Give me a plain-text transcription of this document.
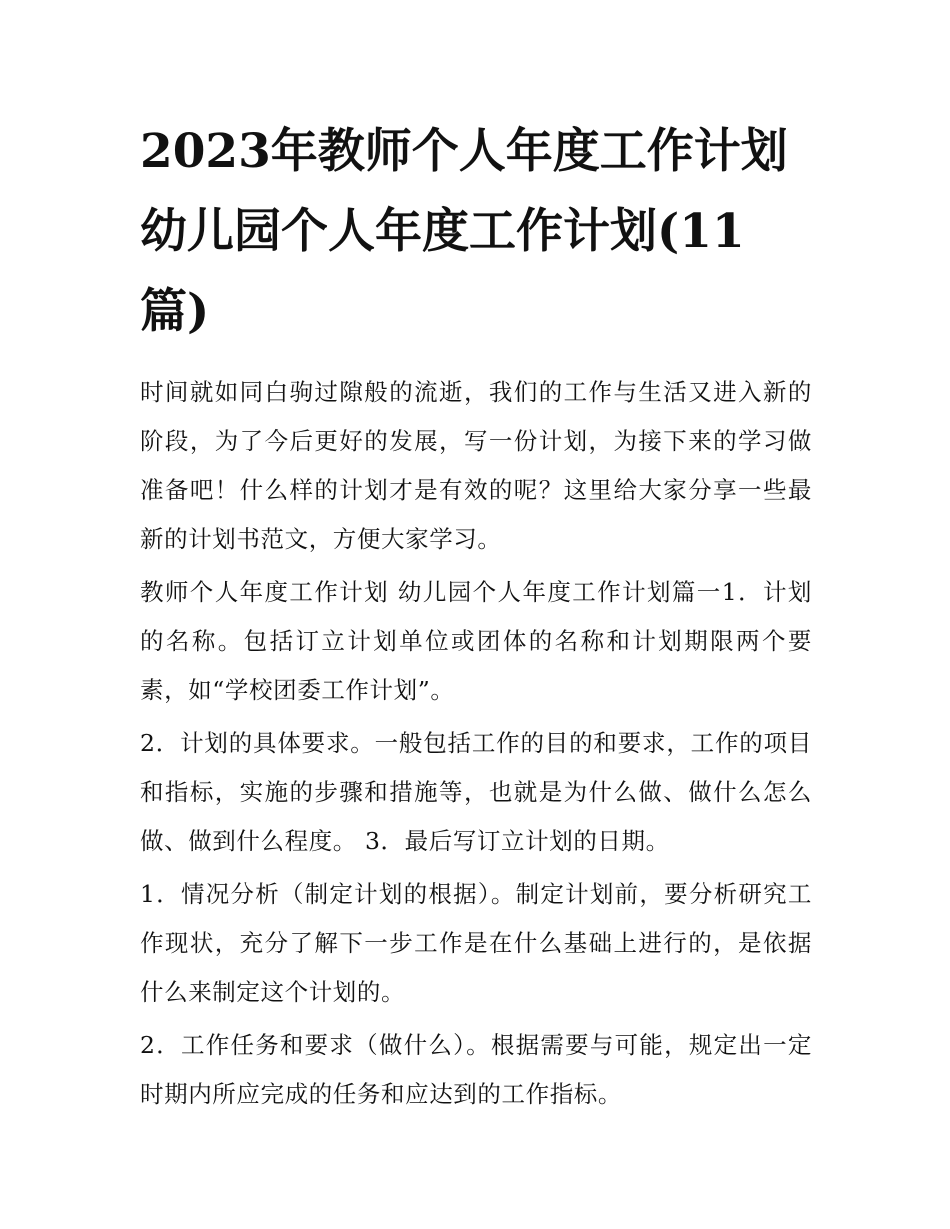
2023年教师个人年度工作计划 幼儿园个人年度工作计划(11篇)

时间就如同白驹过隙般的流逝，我们的工作与生活又进入新的阶段，为了今后更好的发展，写一份计划，为接下来的学习做准备吧！什么样的计划才是有效的呢？这里给大家分享一些最新的计划书范文，方便大家学习。

教师个人年度工作计划 幼儿园个人年度工作计划篇一1．计划的名称。包括订立计划单位或团体的名称和计划期限两个要素，如“学校团委工作计划”。

2．计划的具体要求。一般包括工作的目的和要求，工作的项目和指标，实施的步骤和措施等，也就是为什么做、做什么怎么做、做到什么程度。 3．最后写订立计划的日期。

1．情况分析（制定计划的根据）。制定计划前，要分析研究工作现状，充分了解下一步工作是在什么基础上进行的，是依据什么来制定这个计划的。

2．工作任务和要求（做什么）。根据需要与可能，规定出一定时期内所应完成的任务和应达到的工作指标。
